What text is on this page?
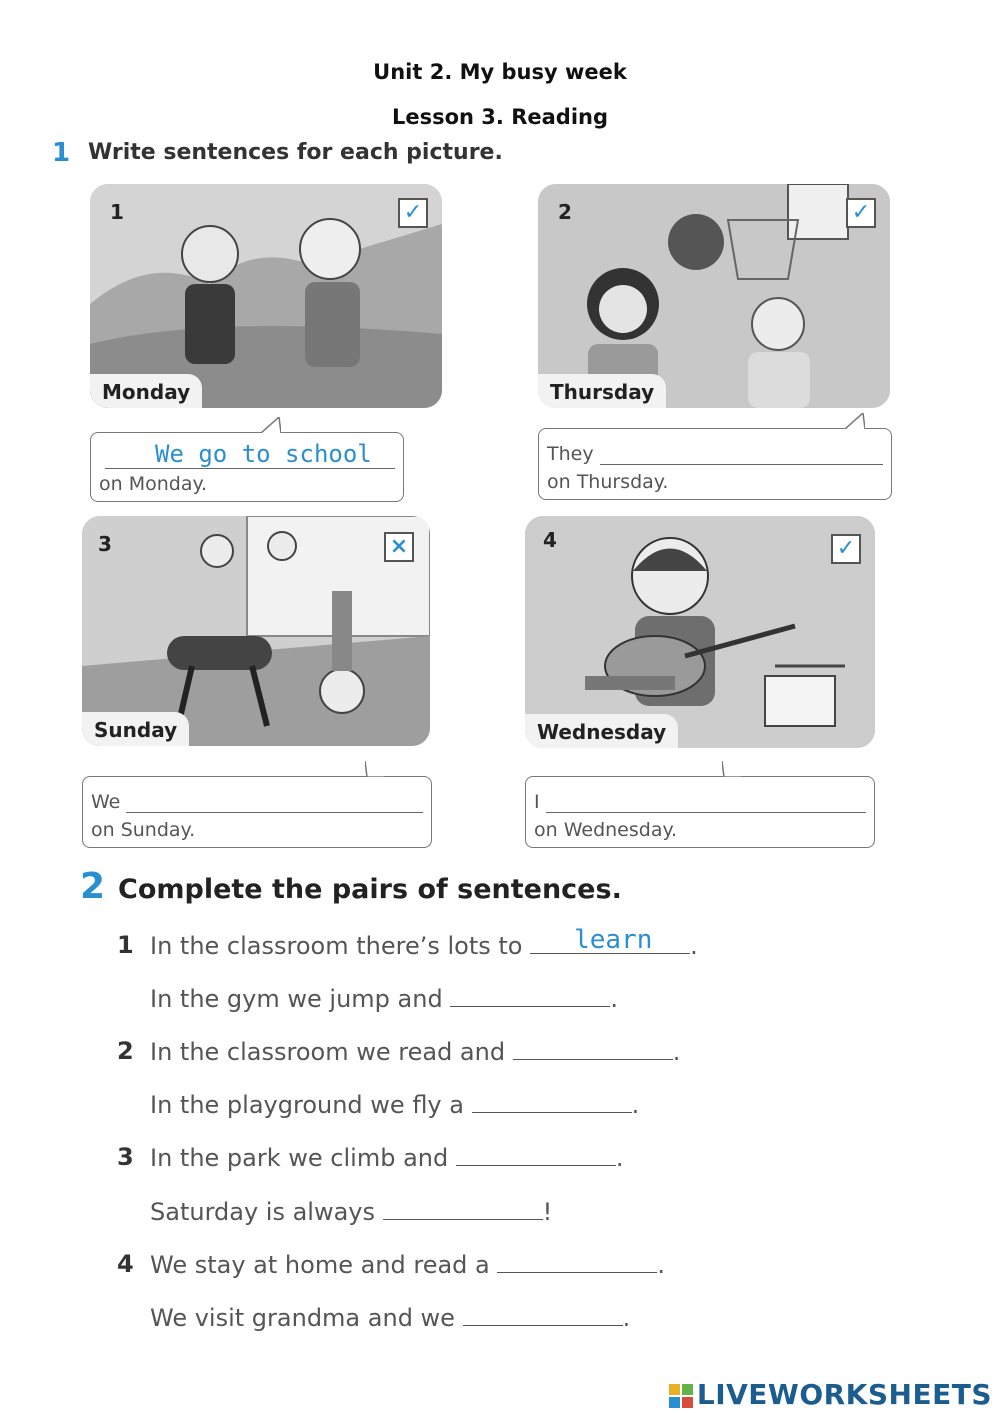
Unit 2. My busy week
Lesson 3. Reading
1 Write sentences for each picture.
1	✓
Monday
We go to school
on Monday.
2	✓
Thursday
They
on Thursday.
3	×
Sunday
We
on Sunday.
4	✓
Wednesday
I
on Wednesday.
2 Complete the pairs of sentences.
1 In the classroom there’s lots to learn .
In the gym we jump and	.
2 In the classroom we read and	.
In the playground we fly a	.
3 In the park we climb and	.
Saturday is always	!
4 We stay at home and read a	.
We visit grandma and we	.
LIVEWORKSHEETS
